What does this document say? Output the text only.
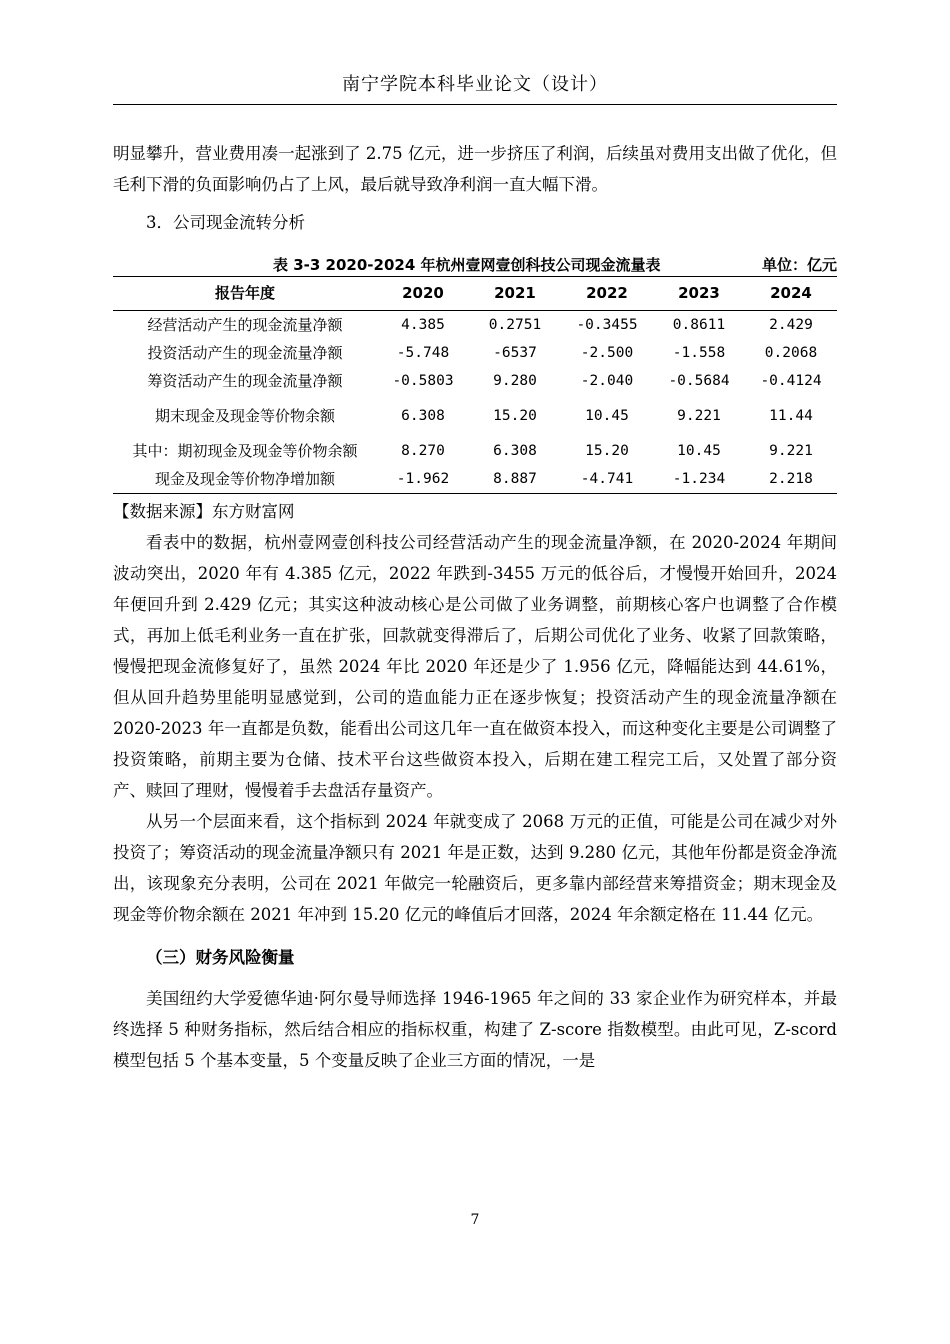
南宁学院本科毕业论文（设计）

明显攀升，营业费用凑一起涨到了 2.75 亿元，进一步挤压了利润，后续虽对费用支出做了优化，但毛利下滑的负面影响仍占了上风，最后就导致净利润一直大幅下滑。

3．公司现金流转分析

表 3-3 2020-2024 年杭州壹网壹创科技公司现金流量表	单位：亿元
报告年度	2020	2021	2022	2023	2024
经营活动产生的现金流量净额	4.385	0.2751	-0.3455	0.8611	2.429
投资活动产生的现金流量净额	-5.748	-6537	-2.500	-1.558	0.2068
筹资活动产生的现金流量净额	-0.5803	9.280	-2.040	-0.5684	-0.4124
期末现金及现金等价物余额	6.308	15.20	10.45	9.221	11.44
其中：期初现金及现金等价物余额	8.270	6.308	15.20	10.45	9.221
现金及现金等价物净增加额	-1.962	8.887	-4.741	-1.234	2.218

【数据来源】东方财富网

看表中的数据，杭州壹网壹创科技公司经营活动产生的现金流量净额，在 2020-2024 年期间波动突出，2020 年有 4.385 亿元，2022 年跌到-3455 万元的低谷后，才慢慢开始回升，2024 年便回升到 2.429 亿元；其实这种波动核心是公司做了业务调整，前期核心客户也调整了合作模式，再加上低毛利业务一直在扩张，回款就变得滞后了，后期公司优化了业务、收紧了回款策略，慢慢把现金流修复好了，虽然 2024 年比 2020 年还是少了 1.956 亿元，降幅能达到 44.61%，但从回升趋势里能明显感觉到，公司的造血能力正在逐步恢复；投资活动产生的现金流量净额在 2020-2023 年一直都是负数，能看出公司这几年一直在做资本投入，而这种变化主要是公司调整了投资策略，前期主要为仓储、技术平台这些做资本投入，后期在建工程完工后，又处置了部分资产、赎回了理财，慢慢着手去盘活存量资产。

从另一个层面来看，这个指标到 2024 年就变成了 2068 万元的正值，可能是公司在减少对外投资了；筹资活动的现金流量净额只有 2021 年是正数，达到 9.280 亿元，其他年份都是资金净流出，该现象充分表明，公司在 2021 年做完一轮融资后，更多靠内部经营来筹措资金；期末现金及现金等价物余额在 2021 年冲到 15.20 亿元的峰值后才回落，2024 年余额定格在 11.44 亿元。

（三）财务风险衡量

美国纽约大学爱德华迪·阿尔曼导师选择 1946-1965 年之间的 33 家企业作为研究样本，并最终选择 5 种财务指标，然后结合相应的指标权重，构建了 Z-score 指数模型。由此可见，Z-scord 模型包括 5 个基本变量，5 个变量反映了企业三方面的情况，一是

7
